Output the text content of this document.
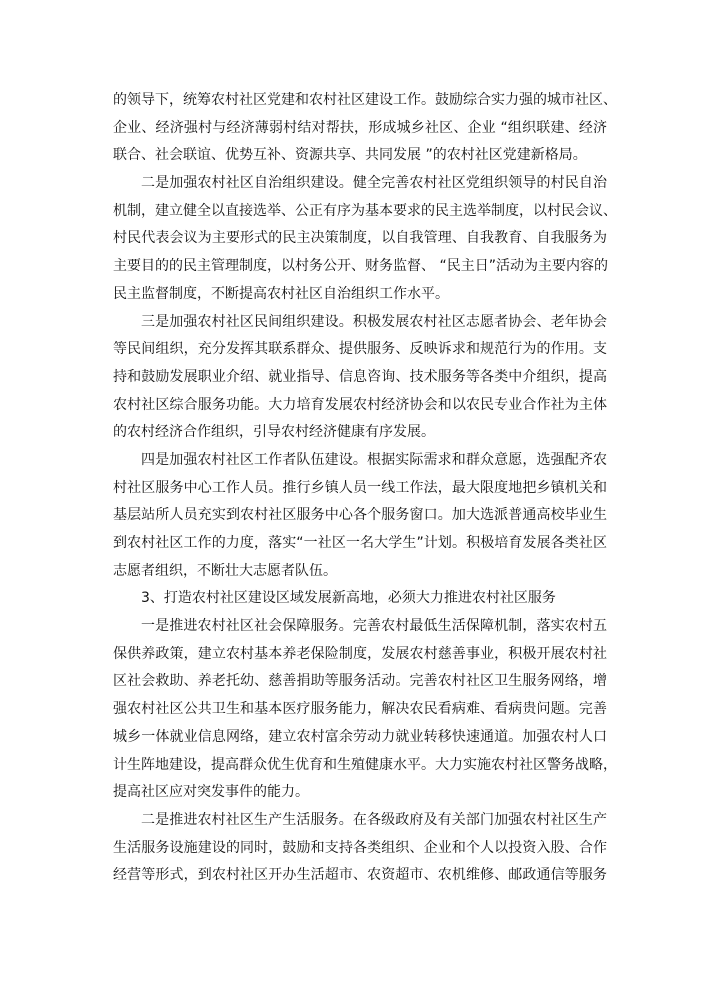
的领导下，统筹农村社区党建和农村社区建设工作。鼓励综合实力强的城市社区、
企业、经济强村与经济薄弱村结对帮扶，形成城乡社区、企业 “组织联建、经济
联合、社会联谊、优势互补、资源共享、共同发展 ”的农村社区党建新格局。
二是加强农村社区自治组织建设。健全完善农村社区党组织领导的村民自治
机制，建立健全以直接选举、公正有序为基本要求的民主选举制度，以村民会议、
村民代表会议为主要形式的民主决策制度，以自我管理、自我教育、自我服务为
主要目的的民主管理制度，以村务公开、财务监督、 “民主日”活动为主要内容的
民主监督制度，不断提高农村社区自治组织工作水平。
三是加强农村社区民间组织建设。积极发展农村社区志愿者协会、老年协会
等民间组织，充分发挥其联系群众、提供服务、反映诉求和规范行为的作用。支
持和鼓励发展职业介绍、就业指导、信息咨询、技术服务等各类中介组织，提高
农村社区综合服务功能。大力培育发展农村经济协会和以农民专业合作社为主体
的农村经济合作组织，引导农村经济健康有序发展。
四是加强农村社区工作者队伍建设。根据实际需求和群众意愿，选强配齐农
村社区服务中心工作人员。推行乡镇人员一线工作法，最大限度地把乡镇机关和
基层站所人员充实到农村社区服务中心各个服务窗口。加大选派普通高校毕业生
到农村社区工作的力度，落实“一社区一名大学生”计划。积极培育发展各类社区
志愿者组织，不断壮大志愿者队伍。
3、打造农村社区建设区域发展新高地，必须大力推进农村社区服务
一是推进农村社区社会保障服务。完善农村最低生活保障机制，落实农村五
保供养政策，建立农村基本养老保险制度，发展农村慈善事业，积极开展农村社
区社会救助、养老托幼、慈善捐助等服务活动。完善农村社区卫生服务网络，增
强农村社区公共卫生和基本医疗服务能力，解决农民看病难、看病贵问题。完善
城乡一体就业信息网络，建立农村富余劳动力就业转移快速通道。加强农村人口
计生阵地建设，提高群众优生优育和生殖健康水平。大力实施农村社区警务战略，
提高社区应对突发事件的能力。
二是推进农村社区生产生活服务。在各级政府及有关部门加强农村社区生产
生活服务设施建设的同时，鼓励和支持各类组织、企业和个人以投资入股、合作
经营等形式，到农村社区开办生活超市、农资超市、农机维修、邮政通信等服务
